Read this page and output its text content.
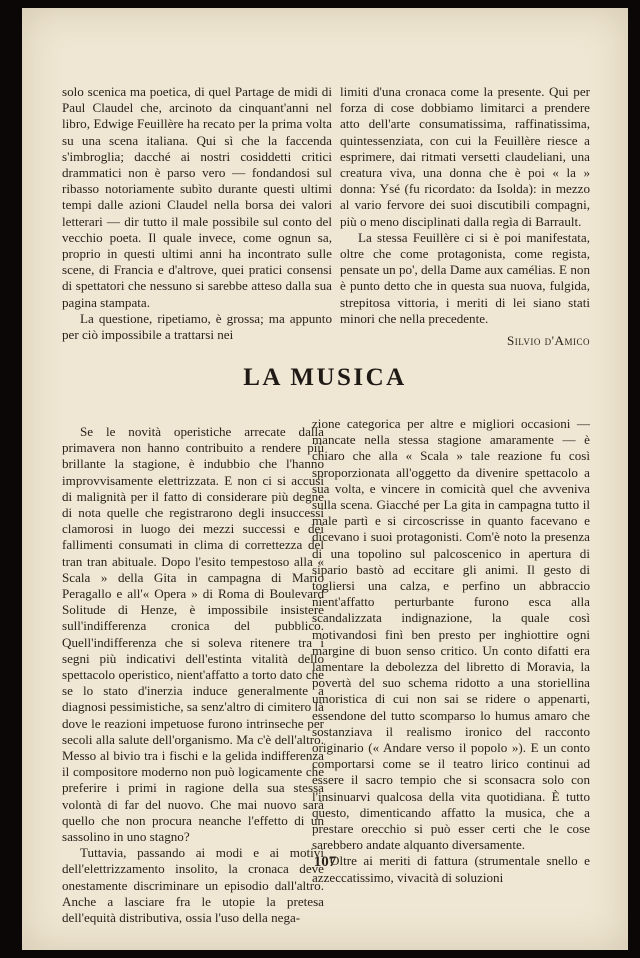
solo scenica ma poetica, di quel Partage de midi di Paul Claudel che, arcinoto da cinquant'anni nel libro, Edwige Feuillère ha recato per la prima volta su una scena italiana. Qui sì che la faccenda s'imbroglia; dacché ai nostri cosiddetti critici drammatici non è parso vero — fondandosi sul ribasso notoriamente subìto durante questi ultimi tempi dalle azioni Claudel nella borsa dei valori letterari — dir tutto il male possibile sul conto del vecchio poeta. Il quale invece, come ognun sa, proprio in questi ultimi anni ha incontrato sulle scene, di Francia e d'altrove, quei pratici consensi di spettatori che nessuno si sarebbe atteso dalla sua pagina stampata.

La questione, ripetiamo, è grossa; ma appunto per ciò impossibile a trattarsi nei

limiti d'una cronaca come la presente. Qui per forza di cose dobbiamo limitarci a prendere atto dell'arte consumatissima, raffinatissima, quintessenziata, con cui la Feuillère riesce a esprimere, dai ritmati versetti claudeliani, una creatura viva, una donna che è poi « la » donna: Ysé (fu ricordato: da Isolda): in mezzo al vario fervore dei suoi discutibili compagni, più o meno disciplinati dalla regìa di Barrault.

La stessa Feuillère ci si è poi manifestata, oltre che come protagonista, come regista, pensate un po', della Dame aux camélias. E non è punto detto che in questa sua nuova, fulgida, strepitosa vittoria, i meriti di lei siano stati minori che nella precedente.

Silvio d'Amico

LA MUSICA

Se le novità operistiche arrecate dalla primavera non hanno contribuito a rendere più brillante la stagione, è indubbio che l'hanno improvvisamente elettrizzata. E non ci si accusi di malignità per il fatto di considerare più degne di nota quelle che registrarono degli insuccessi clamorosi in luogo dei mezzi successi e dei fallimenti consumati in clima di correttezza del tran tran abituale. Dopo l'esito tempestoso alla « Scala » della Gita in campagna di Mario Peragallo e all'« Opera » di Roma di Boulevard Solitude di Henze, è impossibile insistere sull'indifferenza cronica del pubblico. Quell'indifferenza che si soleva ritenere tra i segni più indicativi dell'estinta vitalità dello spettacolo operistico, nient'affatto a torto dato che se lo stato d'inerzia induce generalmente a diagnosi pessimistiche, sa senz'altro di cimitero là dove le reazioni impetuose furono intrinseche per secoli alla salute dell'organismo. Ma c'è dell'altro. Messo al bivio tra i fischi e la gelida indifferenza il compositore moderno non può logicamente che preferire i primi in ragione della sua stessa volontà di far del nuovo. Che mai nuovo sarà quello che non procura neanche l'effetto di un sassolino in uno stagno?

Tuttavia, passando ai modi e ai motivi dell'elettrizzamento insolito, la cronaca deve onestamente discriminare un episodio dall'altro. Anche a lasciare fra le utopie la pretesa dell'equità distributiva, ossia l'uso della nega-

zione categorica per altre e migliori occasioni — mancate nella stessa stagione amaramente — è chiaro che alla « Scala » tale reazione fu così sproporzionata all'oggetto da divenire spettacolo a sua volta, e vincere in comicità quel che avveniva sulla scena. Giacché per La gita in campagna tutto il male partì e si circoscrisse in quanto facevano e dicevano i suoi protagonisti. Com'è noto la presenza di una topolino sul palcoscenico in apertura di sipario bastò ad eccitare gli animi. Il gesto di togliersi una calza, e perfino un abbraccio nient'affatto perturbante furono esca alla scandalizzata indignazione, la quale così motivandosi finì ben presto per inghiottire ogni margine di buon senso critico. Un conto difatti era lamentare la debolezza del libretto di Moravia, la povertà del suo schema ridotto a una storiellina umoristica di cui non sai se ridere o appenarti, essendone del tutto scomparso lo humus amaro che sostanziava il realismo ironico del racconto originario (« Andare verso il popolo »). E un conto comportarsi come se il teatro lirico continui ad essere il sacro tempio che si sconsacra solo con l'insinuarvi qualcosa della vita quotidiana. È tutto questo, dimenticando affatto la musica, che a prestare orecchio si può esser certi che le cose sarebbero andate alquanto diversamente.

Oltre ai meriti di fattura (strumentale snello e azzeccatissimo, vivacità di soluzioni

107
